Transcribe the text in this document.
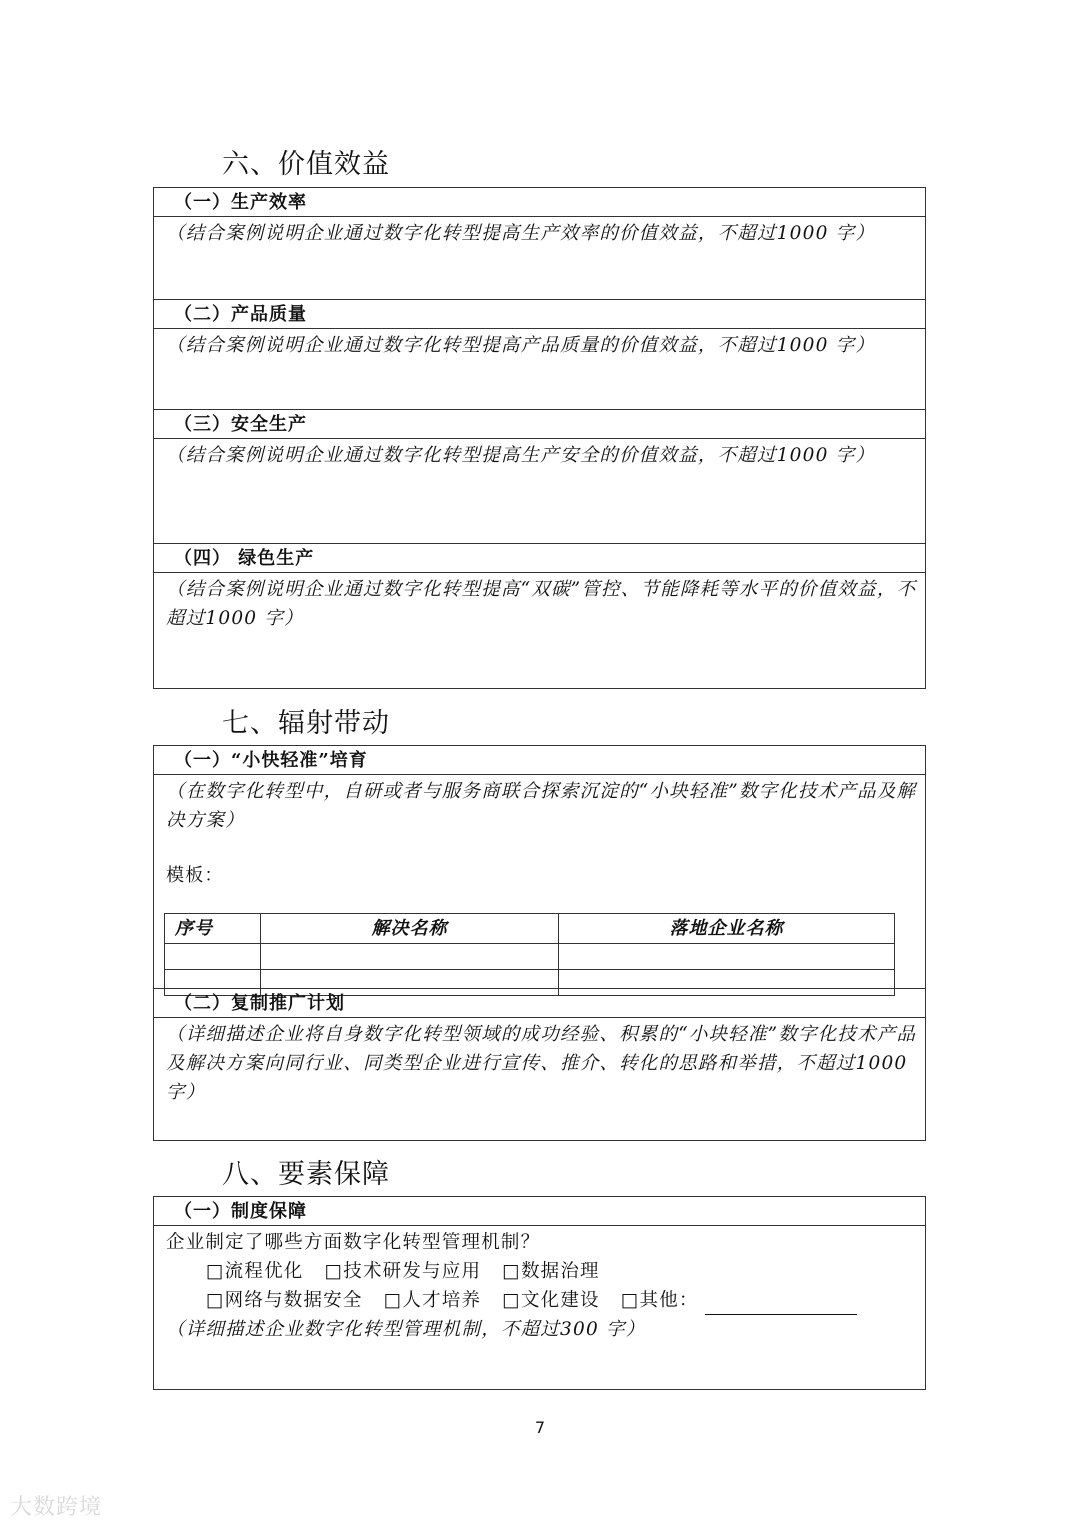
六、价值效益
（一）生产效率
（结合案例说明企业通过数字化转型提高生产效率的价值效益，不超过1000 字）
（二）产品质量
（结合案例说明企业通过数字化转型提高产品质量的价值效益，不超过1000 字）
（三）安全生产
（结合案例说明企业通过数字化转型提高生产安全的价值效益，不超过1000 字）
（四） 绿色生产
（结合案例说明企业通过数字化转型提高“双碳”管控、节能降耗等水平的价值效益，不超过1000 字）
七、辐射带动
（一）“小快轻准”培育
（在数字化转型中，自研或者与服务商联合探索沉淀的“小块轻准”数字化技术产品及解决方案）
模板：
序号	解决名称	落地企业名称

（二）复制推广计划
（详细描述企业将自身数字化转型领域的成功经验、积累的“小块轻准”数字化技术产品及解决方案向同行业、同类型企业进行宣传、推介、转化的思路和举措，不超过1000 字）
八、要素保障
（一）制度保障
企业制定了哪些方面数字化转型管理机制？
□流程优化 □技术研发与应用 □数据治理
□网络与数据安全 □人才培养 □文化建设 □其他：
（详细描述企业数字化转型管理机制，不超过300 字）
7
大数跨境
